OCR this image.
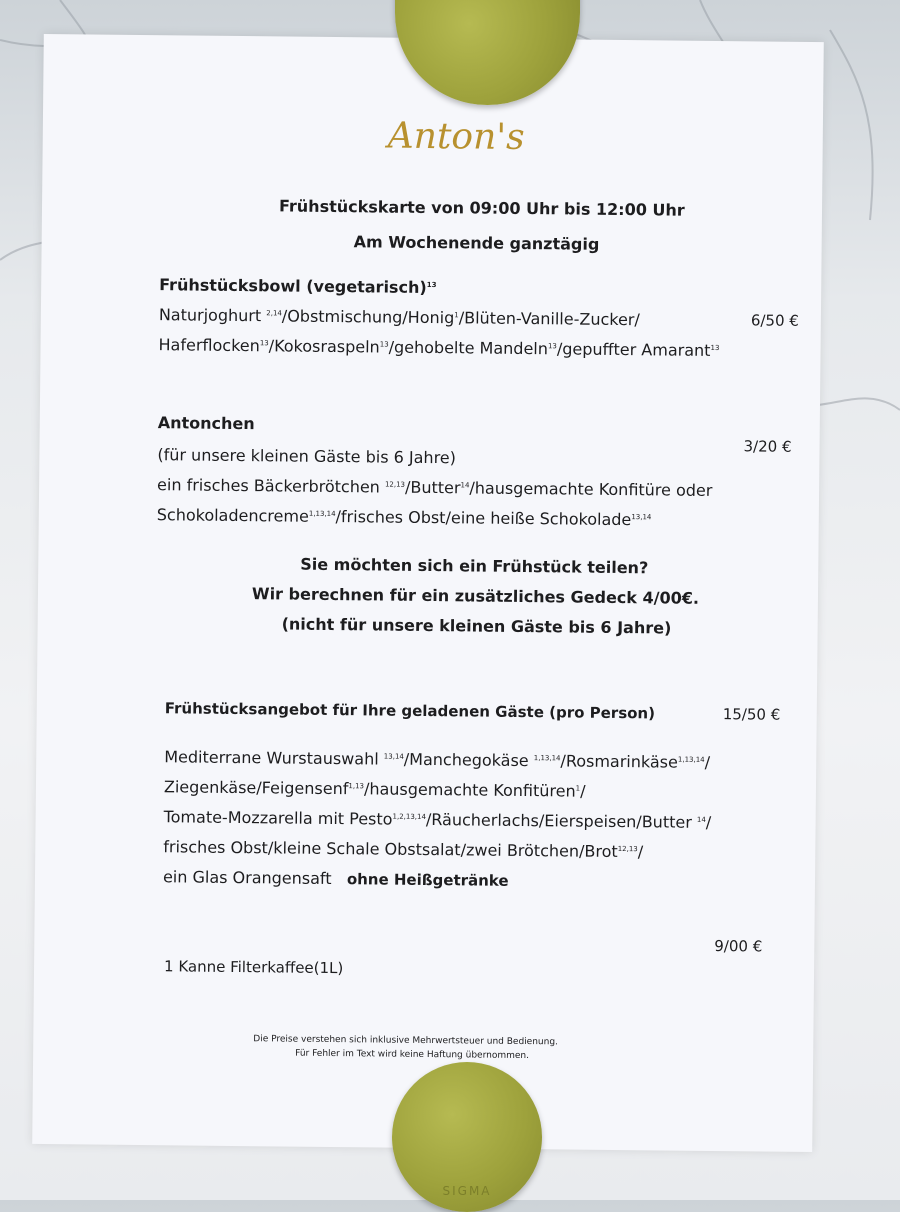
Anton's
Frühstückskarte von 09:00 Uhr bis 12:00 Uhr
Am Wochenende ganztägig
Frühstücksbowl (vegetarisch)$^{13}$
6/50 €
Naturjoghurt $^{2,14}$/Obstmischung/Honig$^1$/Blüten-Vanille-Zucker/
Haferflocken$^{13}$/Kokosraspeln$^{13}$/gehobelte Mandeln$^{13}$/gepuffter Amarant$^{13}$
Antonchen
3/20 €
(für unsere kleinen Gäste bis 6 Jahre)
ein frisches Bäckerbrötchen $^{12,13}$/Butter$^{14}$/hausgemachte Konfitüre oder
Schokoladencreme$^{1,13,14}$/frisches Obst/eine heiße Schokolade$^{13,14}$
Sie möchten sich ein Frühstück teilen?
Wir berechnen für ein zusätzliches Gedeck 4/00€.
(nicht für unsere kleinen Gäste bis 6 Jahre)
Frühstücksangebot für Ihre geladenen Gäste (pro Person)	15/50 €
Mediterrane Wurstauswahl $^{13,14}$/Manchegokäse $^{1,13,14}$/Rosmarinkäse$^{1,13,14}$/
Ziegenkäse/Feigensenf$^{1,13}$/hausgemachte Konfitüren$^1$/
Tomate-Mozzarella mit Pesto$^{1,2,13,14}$/Räucherlachs/Eierspeisen/Butter $^{14}$/
frisches Obst/kleine Schale Obstsalat/zwei Brötchen/Brot$^{12,13}$/
ein Glas Orangensaft ohne Heißgetränke
9/00 €
1 Kanne Filterkaffee(1L)
Die Preise verstehen sich inklusive Mehrwertsteuer und Bedienung.
Für Fehler im Text wird keine Haftung übernommen.
SIGMA
